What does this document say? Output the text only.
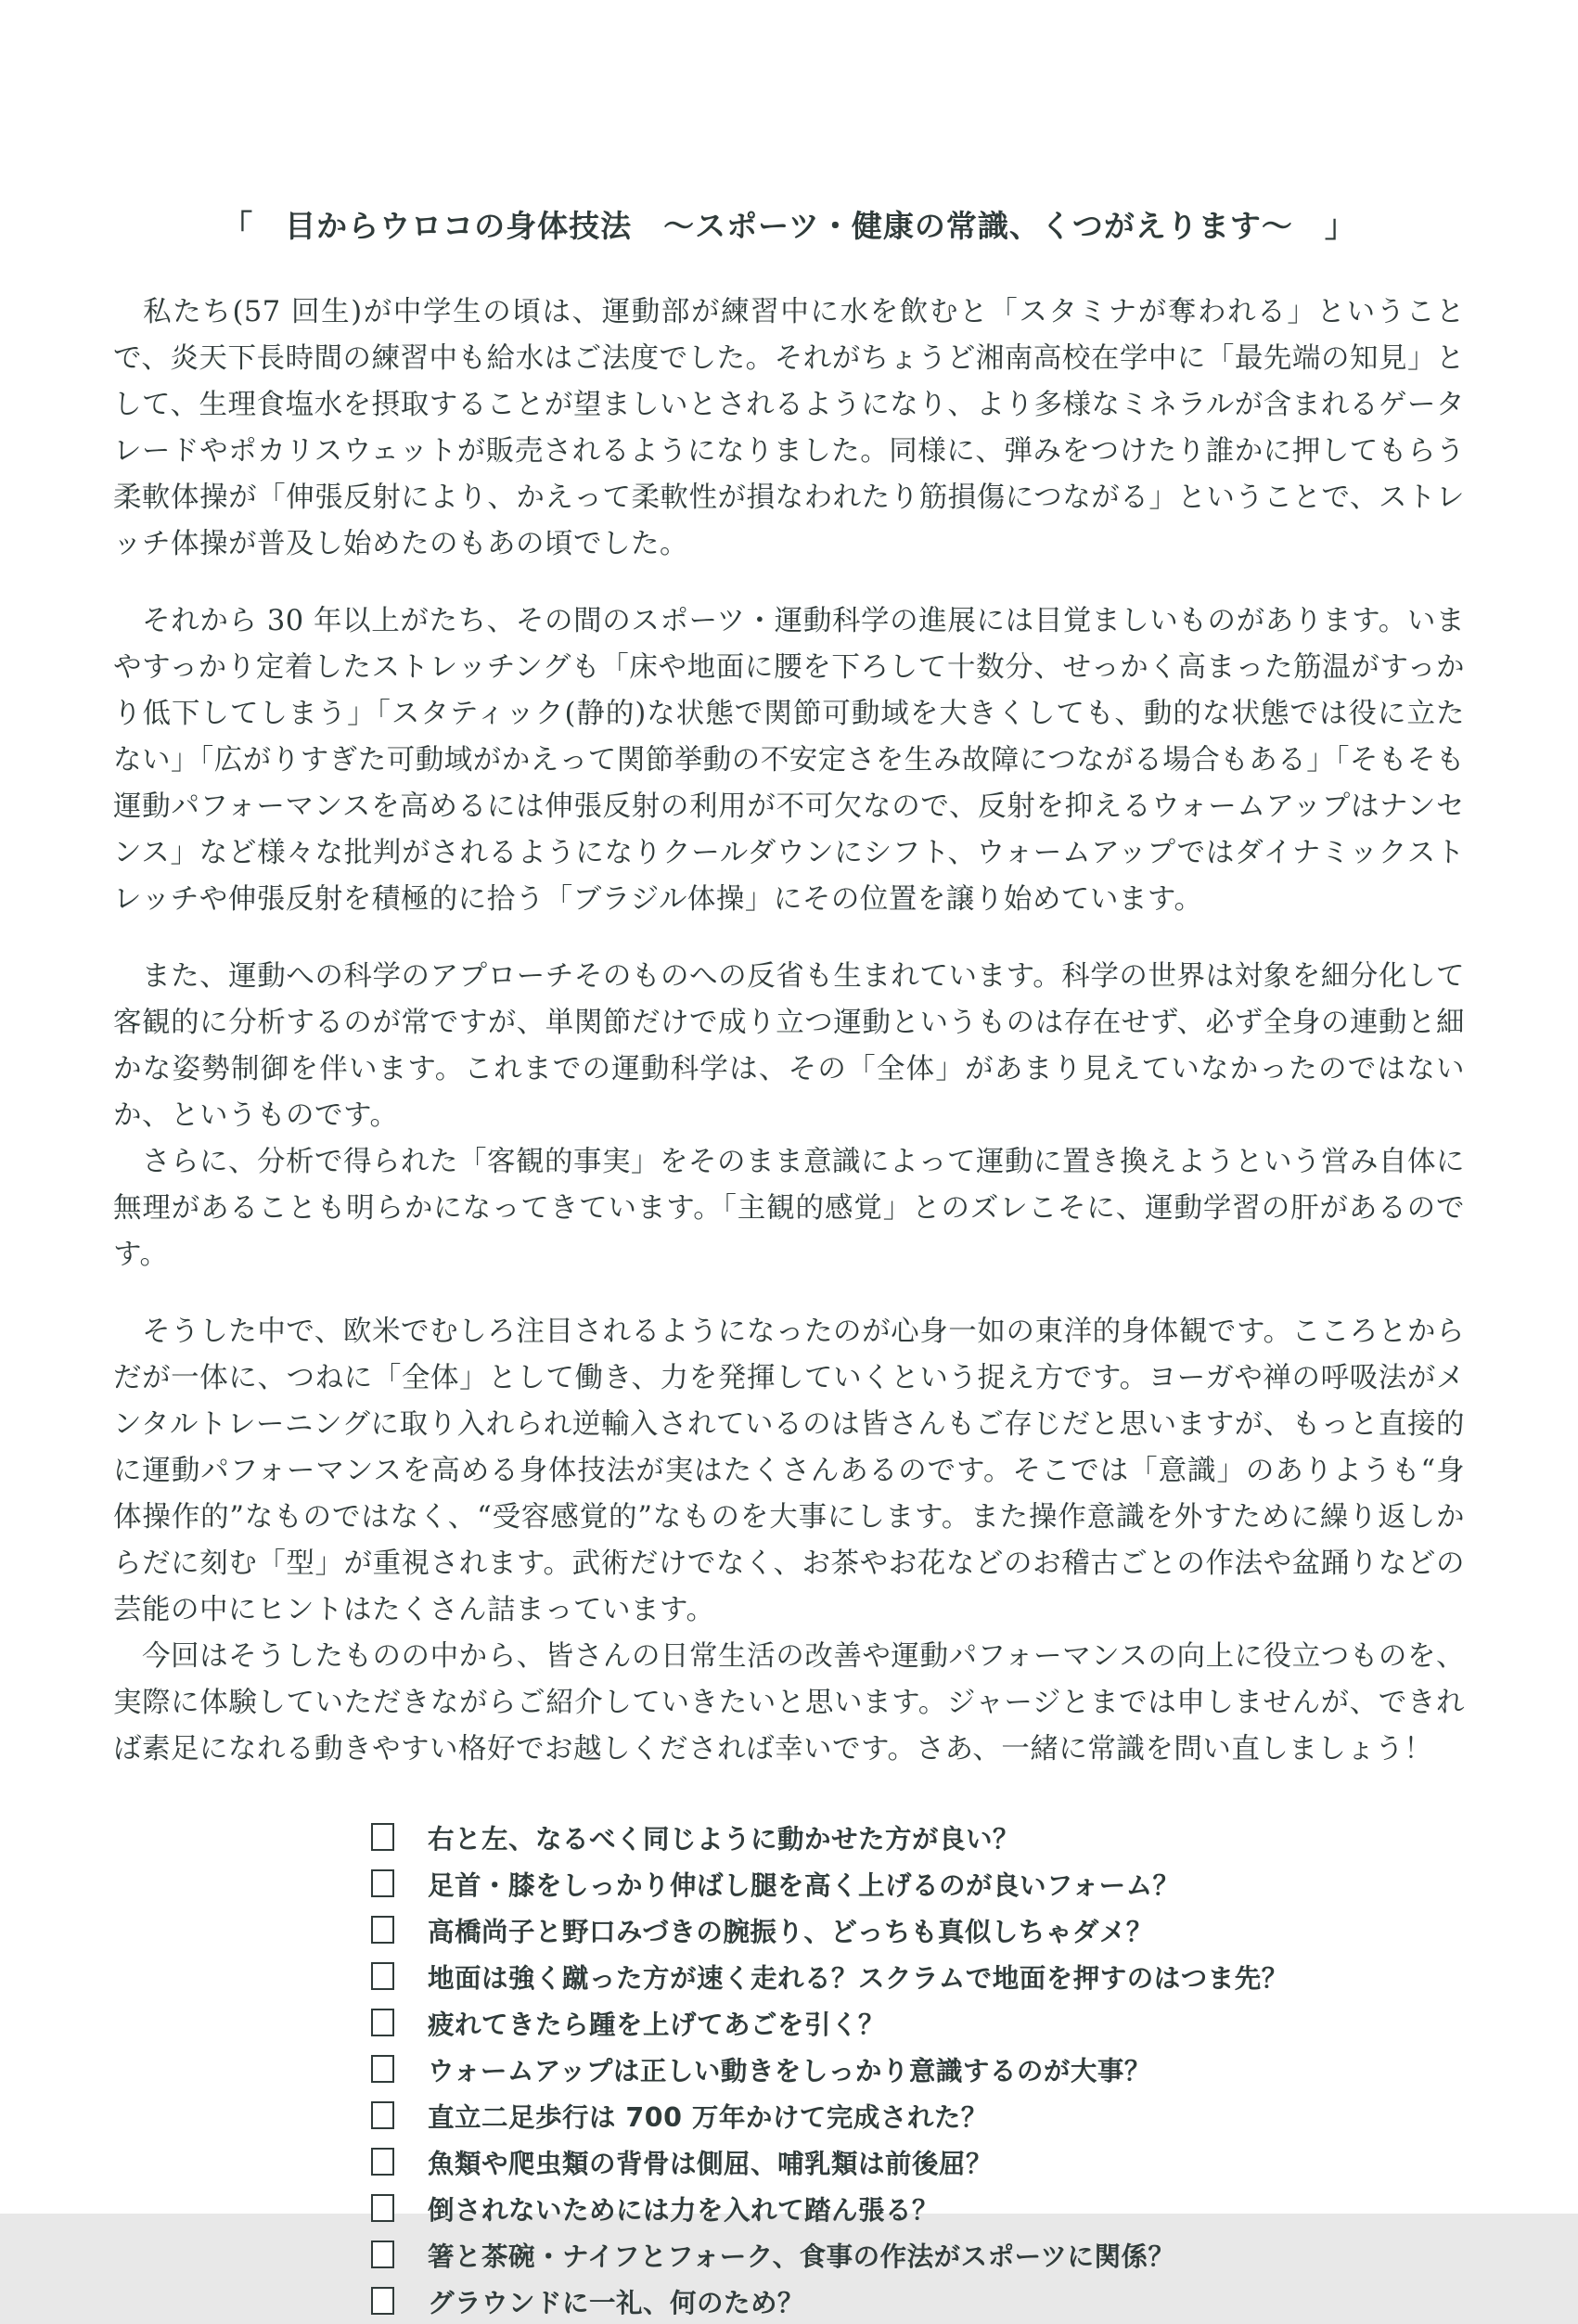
「　目からウロコの身体技法　～スポーツ・健康の常識、くつがえります～　」

　私たち(57 回生)が中学生の頃は、運動部が練習中に水を飲むと「スタミナが奪われる」ということで、炎天下長時間の練習中も給水はご法度でした。それがちょうど湘南高校在学中に「最先端の知見」として、生理食塩水を摂取することが望ましいとされるようになり、より多様なミネラルが含まれるゲータレードやポカリスウェットが販売されるようになりました。同様に、弾みをつけたり誰かに押してもらう柔軟体操が「伸張反射により、かえって柔軟性が損なわれたり筋損傷につながる」ということで、ストレッチ体操が普及し始めたのもあの頃でした。

　それから 30 年以上がたち、その間のスポーツ・運動科学の進展には目覚ましいものがあります。いまやすっかり定着したストレッチングも「床や地面に腰を下ろして十数分、せっかく高まった筋温がすっかり低下してしまう」「スタティック(静的)な状態で関節可動域を大きくしても、動的な状態では役に立たない」「広がりすぎた可動域がかえって関節挙動の不安定さを生み故障につながる場合もある」「そもそも運動パフォーマンスを高めるには伸張反射の利用が不可欠なので、反射を抑えるウォームアップはナンセンス」など様々な批判がされるようになりクールダウンにシフト、ウォームアップではダイナミックストレッチや伸張反射を積極的に拾う「ブラジル体操」にその位置を譲り始めています。

　また、運動への科学のアプローチそのものへの反省も生まれています。科学の世界は対象を細分化して客観的に分析するのが常ですが、単関節だけで成り立つ運動というものは存在せず、必ず全身の連動と細かな姿勢制御を伴います。これまでの運動科学は、その「全体」があまり見えていなかったのではないか、というものです。

　さらに、分析で得られた「客観的事実」をそのまま意識によって運動に置き換えようという営み自体に無理があることも明らかになってきています。「主観的感覚」とのズレこそに、運動学習の肝があるのです。

　そうした中で、欧米でむしろ注目されるようになったのが心身一如の東洋的身体観です。こころとからだが一体に、つねに「全体」として働き、力を発揮していくという捉え方です。ヨーガや禅の呼吸法がメンタルトレーニングに取り入れられ逆輸入されているのは皆さんもご存じだと思いますが、もっと直接的に運動パフォーマンスを高める身体技法が実はたくさんあるのです。そこでは「意識」のありようも“身体操作的”なものではなく、“受容感覚的”なものを大事にします。また操作意識を外すために繰り返しからだに刻む「型」が重視されます。武術だけでなく、お茶やお花などのお稽古ごとの作法や盆踊りなどの芸能の中にヒントはたくさん詰まっています。

　今回はそうしたものの中から、皆さんの日常生活の改善や運動パフォーマンスの向上に役立つものを、実際に体験していただきながらご紹介していきたいと思います。ジャージとまでは申しませんが、できれば素足になれる動きやすい格好でお越しくだされば幸いです。さあ、一緒に常識を問い直しましょう！

右と左、なるべく同じように動かせた方が良い？
足首・膝をしっかり伸ばし腿を高く上げるのが良いフォーム？
高橋尚子と野口みづきの腕振り、どっちも真似しちゃダメ？
地面は強く蹴った方が速く走れる？スクラムで地面を押すのはつま先？
疲れてきたら踵を上げてあごを引く？
ウォームアップは正しい動きをしっかり意識するのが大事？
直立二足歩行は 700 万年かけて完成された？
魚類や爬虫類の背骨は側屈、哺乳類は前後屈？
倒されないためには力を入れて踏ん張る？
箸と茶碗・ナイフとフォーク、食事の作法がスポーツに関係？
グラウンドに一礼、何のため？
